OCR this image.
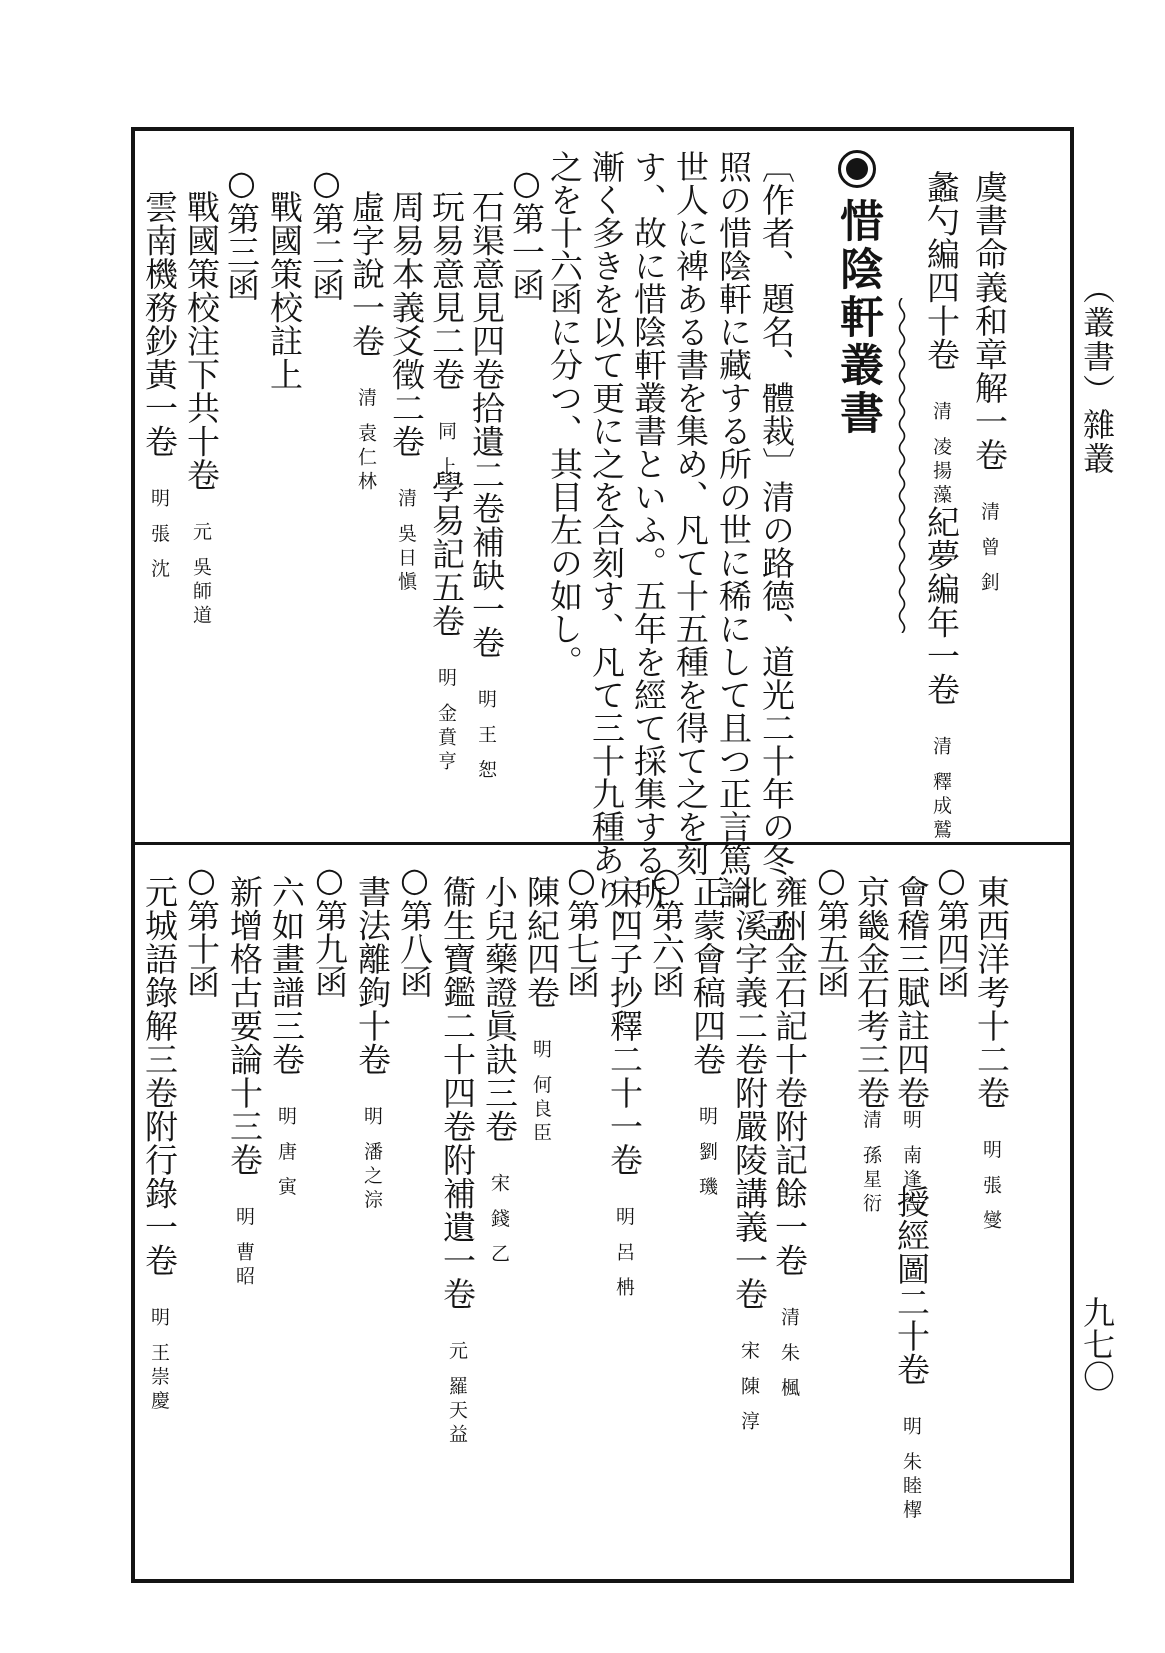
（叢書）雜叢
九七〇
虞書命義和章解一卷清 曾 釗
蠡勺編四十卷清 凌揚藻
紀夢編年一卷清 釋成鷲
惜陰軒叢書
〔作者、題名、體裁〕清の路德、道光二十年の冬、孟
照の惜陰軒に藏する所の世に稀にして且つ正言篤論
世人に裨ある書を集め、凡て十五種を得て之を刻
す、故に惜陰軒叢書といふ。五年を經て採集する所
漸く多きを以て更に之を合刻す、凡て三十九種あり、
之を十六函に分つ、其目左の如し。
○第一函
石渠意見四卷拾遺二卷補缺一卷明 王 恕
玩易意見二卷同 上
學易記五卷明 金賁亨
周易本義爻徵二卷清 吳日愼
虛字說一卷清 袁仁林
○第二函
戰國策校註上
○第三函
戰國策校注下共十卷元 吳師道
雲南機務鈔黃一卷明 張 沈
東西洋考十二卷明 張 燮
○第四函
會稽三賦註四卷明 南逢吉
京畿金石考三卷清 孫星衍
授經圖二十卷明 朱睦㮮
○第五函
雍州金石記十卷附記餘一卷清 朱 楓
北溪字義二卷附嚴陵講義一卷宋 陳 淳
正蒙會稿四卷明 劉 璣
○第六函
宋四子抄釋二十一卷明 呂 柟
○第七函
陳紀四卷明 何良臣
小兒藥證眞訣三卷宋 錢 乙
衞生寶鑑二十四卷附補遺一卷元 羅天益
○第八函
書法離鉤十卷明 潘之淙
○第九函
六如畫譜三卷明 唐 寅
新增格古要論十三卷明 曹昭
○第十函
元城語錄解三卷附行錄一卷明 王崇慶
